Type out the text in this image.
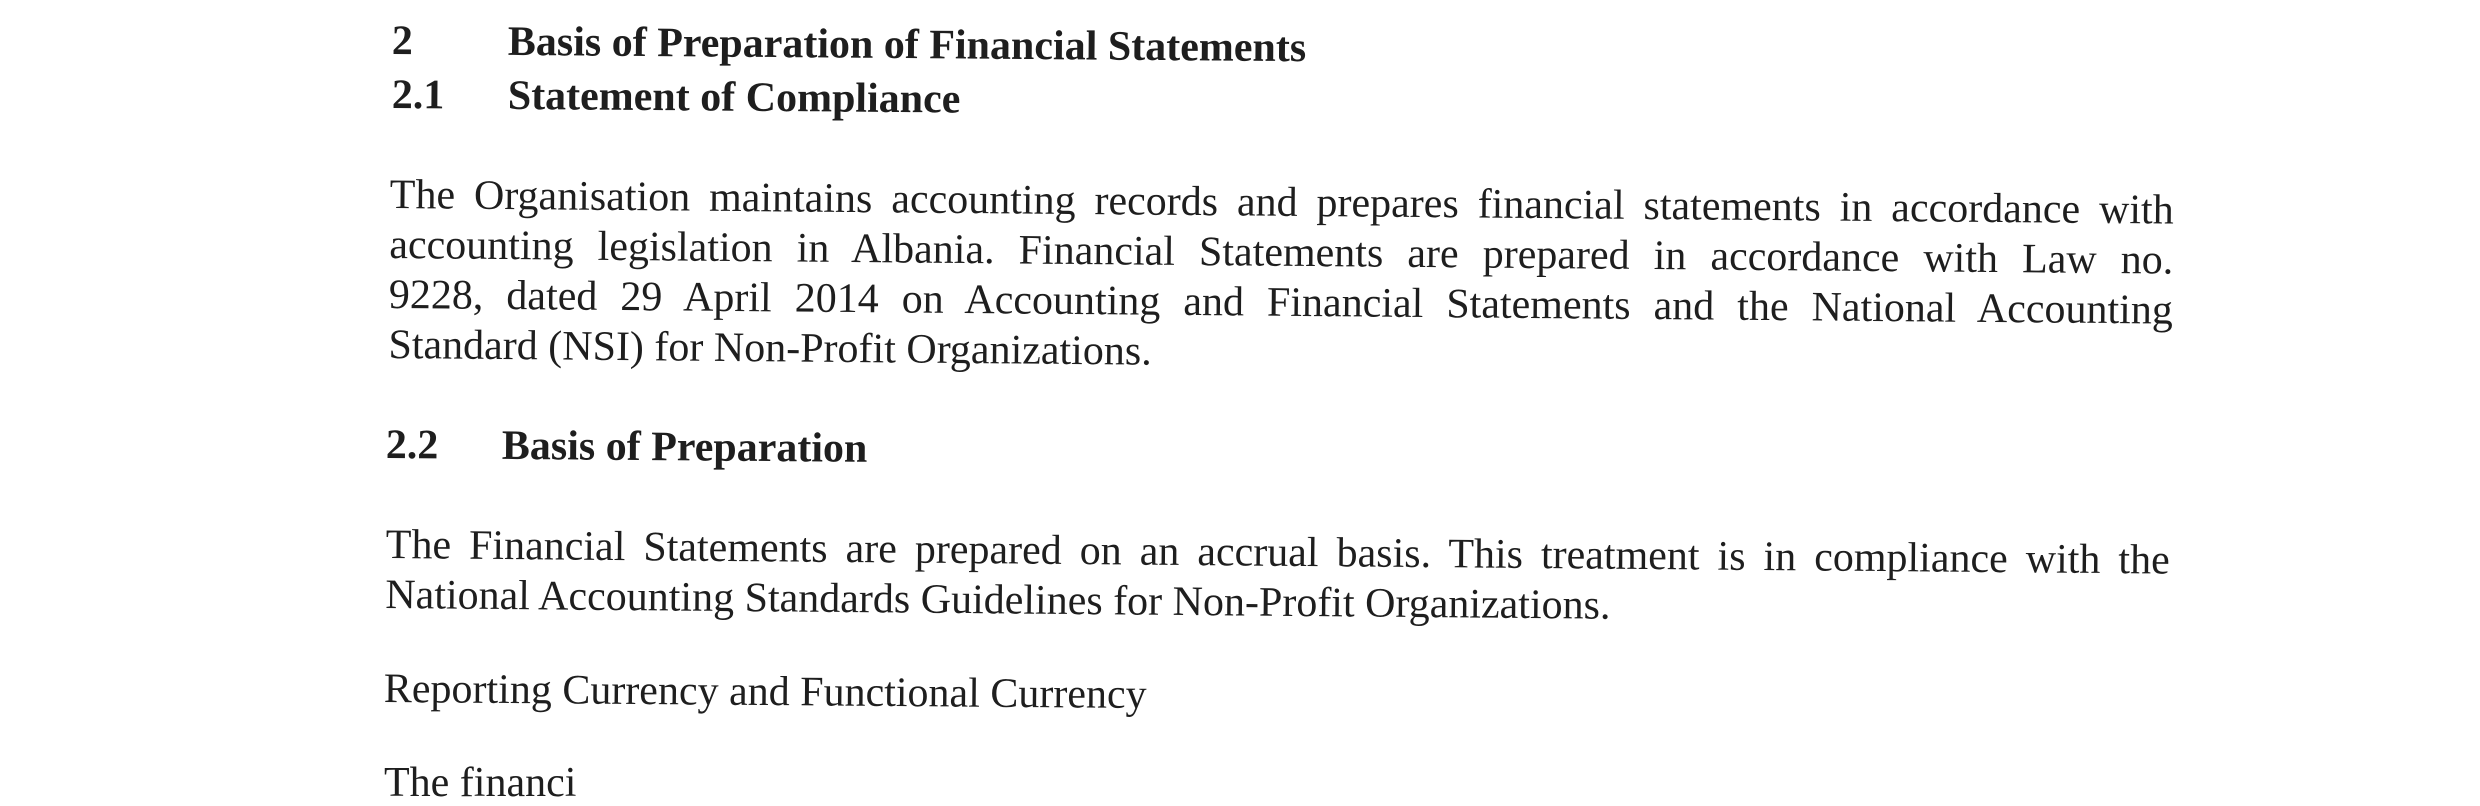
2 Basis of Preparation of Financial Statements
2.1 Statement of Compliance
The Organisation maintains accounting records and prepares financial statements in accordance with
accounting legislation in Albania. Financial Statements are prepared in accordance with Law no.
9228, dated 29 April 2014 on Accounting and Financial Statements and the National Accounting
Standard (NSI) for Non-Profit Organizations.
2.2 Basis of Preparation
The Financial Statements are prepared on an accrual basis. This treatment is in compliance with the
National Accounting Standards Guidelines for Non-Profit Organizations.
Reporting Currency and Functional Currency
The financi
